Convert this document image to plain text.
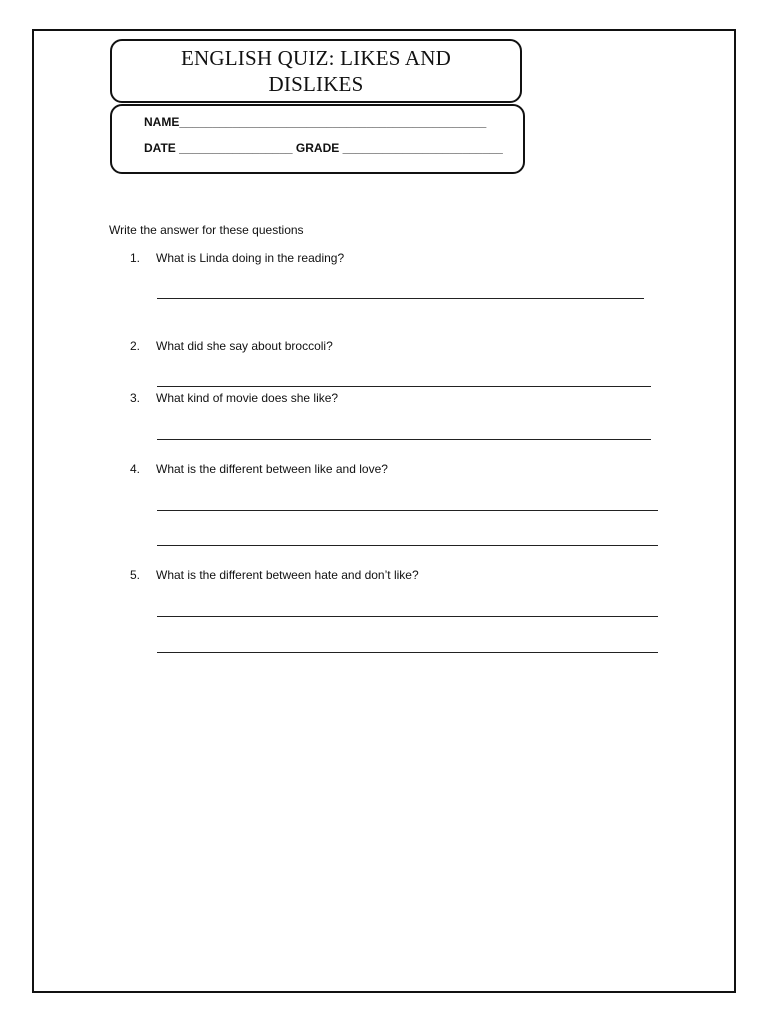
ENGLISH QUIZ: LIKES AND DISLIKES
NAME______________________________________________
DATE _________________ GRADE ________________________
Write the answer for these questions
1. What is Linda doing in the reading?
2. What did she say about broccoli?
3. What kind of movie does she like?
4. What is the different between like and love?
5. What is the different between hate and don’t like?
